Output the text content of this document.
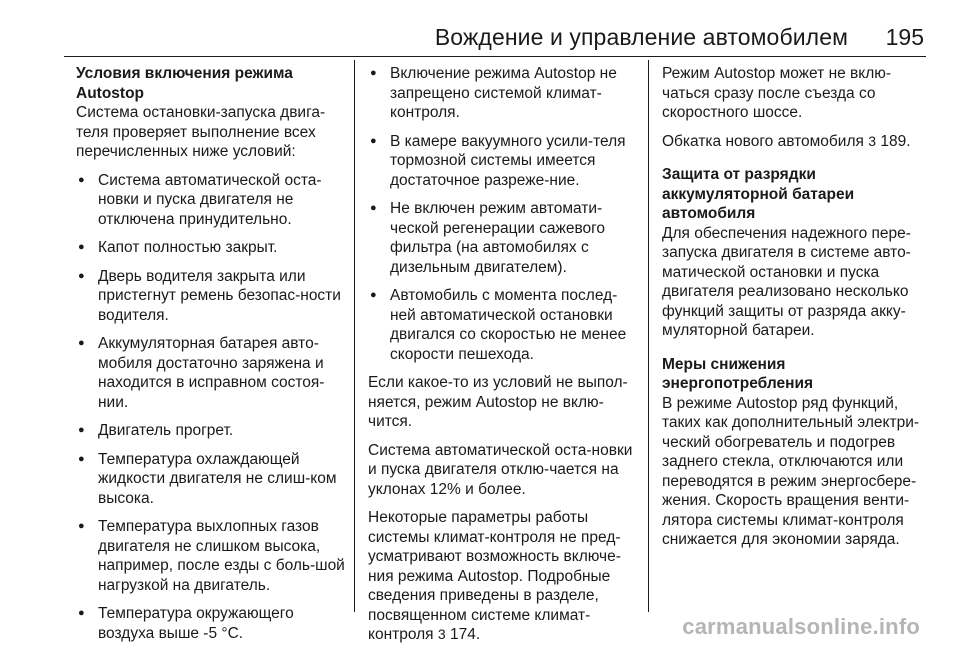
Вождение и управление автомобилем 195

Условия включения режима Autostop

Система остановки-запуска двига-теля проверяет выполнение всех перечисленных ниже условий:

● Система автоматической оста-новки и пуска двигателя не отключена принудительно.
● Капот полностью закрыт.
● Дверь водителя закрыта или пристегнут ремень безопас-ности водителя.
● Аккумуляторная батарея авто-мобиля достаточно заряжена и находится в исправном состоя-нии.
● Двигатель прогрет.
● Температура охлаждающей жидкости двигателя не слиш-ком высока.
● Температура выхлопных газов двигателя не слишком высока, например, после езды с боль-шой нагрузкой на двигатель.
● Температура окружающего воздуха выше -5 °C.
● Включение режима Autostop не запрещено системой климат-контроля.
● В камере вакуумного усили-теля тормозной системы имеется достаточное разреже-ние.
● Не включен режим автомати-ческой регенерации сажевого фильтра (на автомобилях с дизельным двигателем).
● Автомобиль с момента послед-ней автоматической остановки двигался со скоростью не менее скорости пешехода.

Если какое-то из условий не выпол-няется, режим Autostop не вклю-чится.

Система автоматической оста-новки и пуска двигателя отклю-чается на уклонах 12% и более.

Некоторые параметры работы системы климат-контроля не пред-усматривают возможность включе-ния режима Autostop. Подробные сведения приведены в разделе, посвященном системе климат-контроля 3 174.

Режим Autostop может не вклю-чаться сразу после съезда со скоростного шоссе.

Обкатка нового автомобиля 3 189.

Защита от разрядки аккумуляторной батареи автомобиля

Для обеспечения надежного пере-запуска двигателя в системе авто-матической остановки и пуска двигателя реализовано несколько функций защиты от разряда акку-муляторной батареи.

Меры снижения энергопотребления

В режиме Autostop ряд функций, таких как дополнительный электри-ческий обогреватель и подогрев заднего стекла, отключаются или переводятся в режим энергосбере-жения. Скорость вращения венти-лятора системы климат-контроля снижается для экономии заряда.

carmanualsonline.info
